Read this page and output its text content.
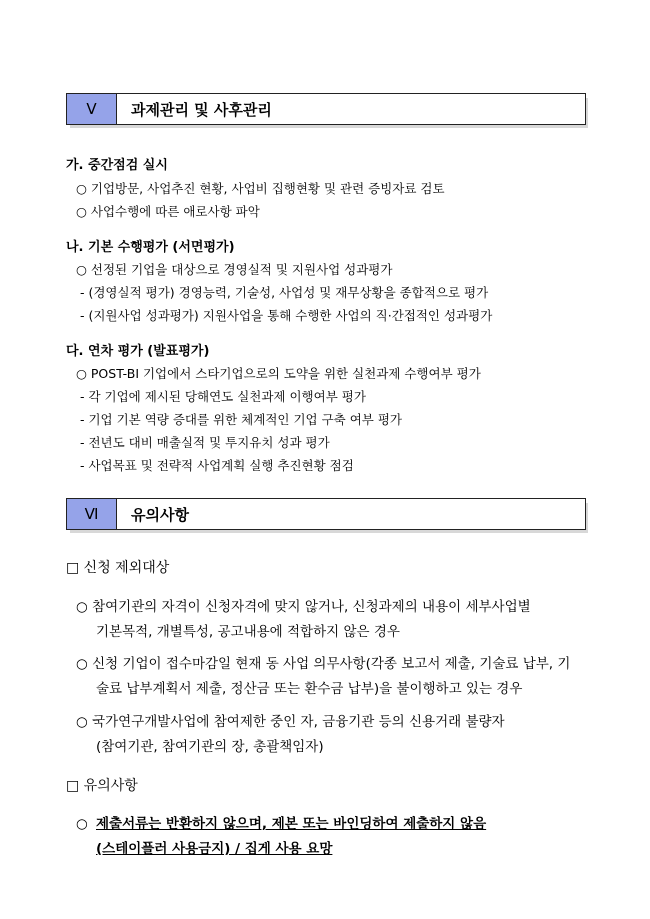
Ⅴ	과제관리 및 사후관리
가. 중간점검 실시
○ 기업방문, 사업추진 현황, 사업비 집행현황 및 관련 증빙자료 검토
○ 사업수행에 따른 애로사항 파악
나. 기본 수행평가 (서면평가)
○ 선정된 기업을 대상으로 경영실적 및 지원사업 성과평가
- (경영실적 평가) 경영능력, 기술성, 사업성 및 재무상황을 종합적으로 평가
- (지원사업 성과평가) 지원사업을 통해 수행한 사업의 직·간접적인 성과평가
다. 연차 평가 (발표평가)
○ POST-BI 기업에서 스타기업으로의 도약을 위한 실천과제 수행여부 평가
- 각 기업에 제시된 당해연도 실천과제 이행여부 평가
- 기업 기본 역량 증대를 위한 체계적인 기업 구축 여부 평가
- 전년도 대비 매출실적 및 투지유치 성과 평가
- 사업목표 및 전략적 사업계획 실행 추진현황 점검
Ⅵ	유의사항
□ 신청 제외대상
○ 참여기관의 자격이 신청자격에 맞지 않거나, 신청과제의 내용이 세부사업별
기본목적, 개별특성, 공고내용에 적합하지 않은 경우
○ 신청 기업이 접수마감일 현재 동 사업 의무사항(각종 보고서 제출, 기술료 납부, 기
술료 납부계획서 제출, 정산금 또는 환수금 납부)을 불이행하고 있는 경우
○ 국가연구개발사업에 참여제한 중인 자, 금융기관 등의 신용거래 불량자
(참여기관, 참여기관의 장, 총괄책임자)
□ 유의사항
○ 제출서류는 반환하지 않으며, 제본 또는 바인딩하여 제출하지 않음
(스테이플러 사용금지) / 집게 사용 요망
